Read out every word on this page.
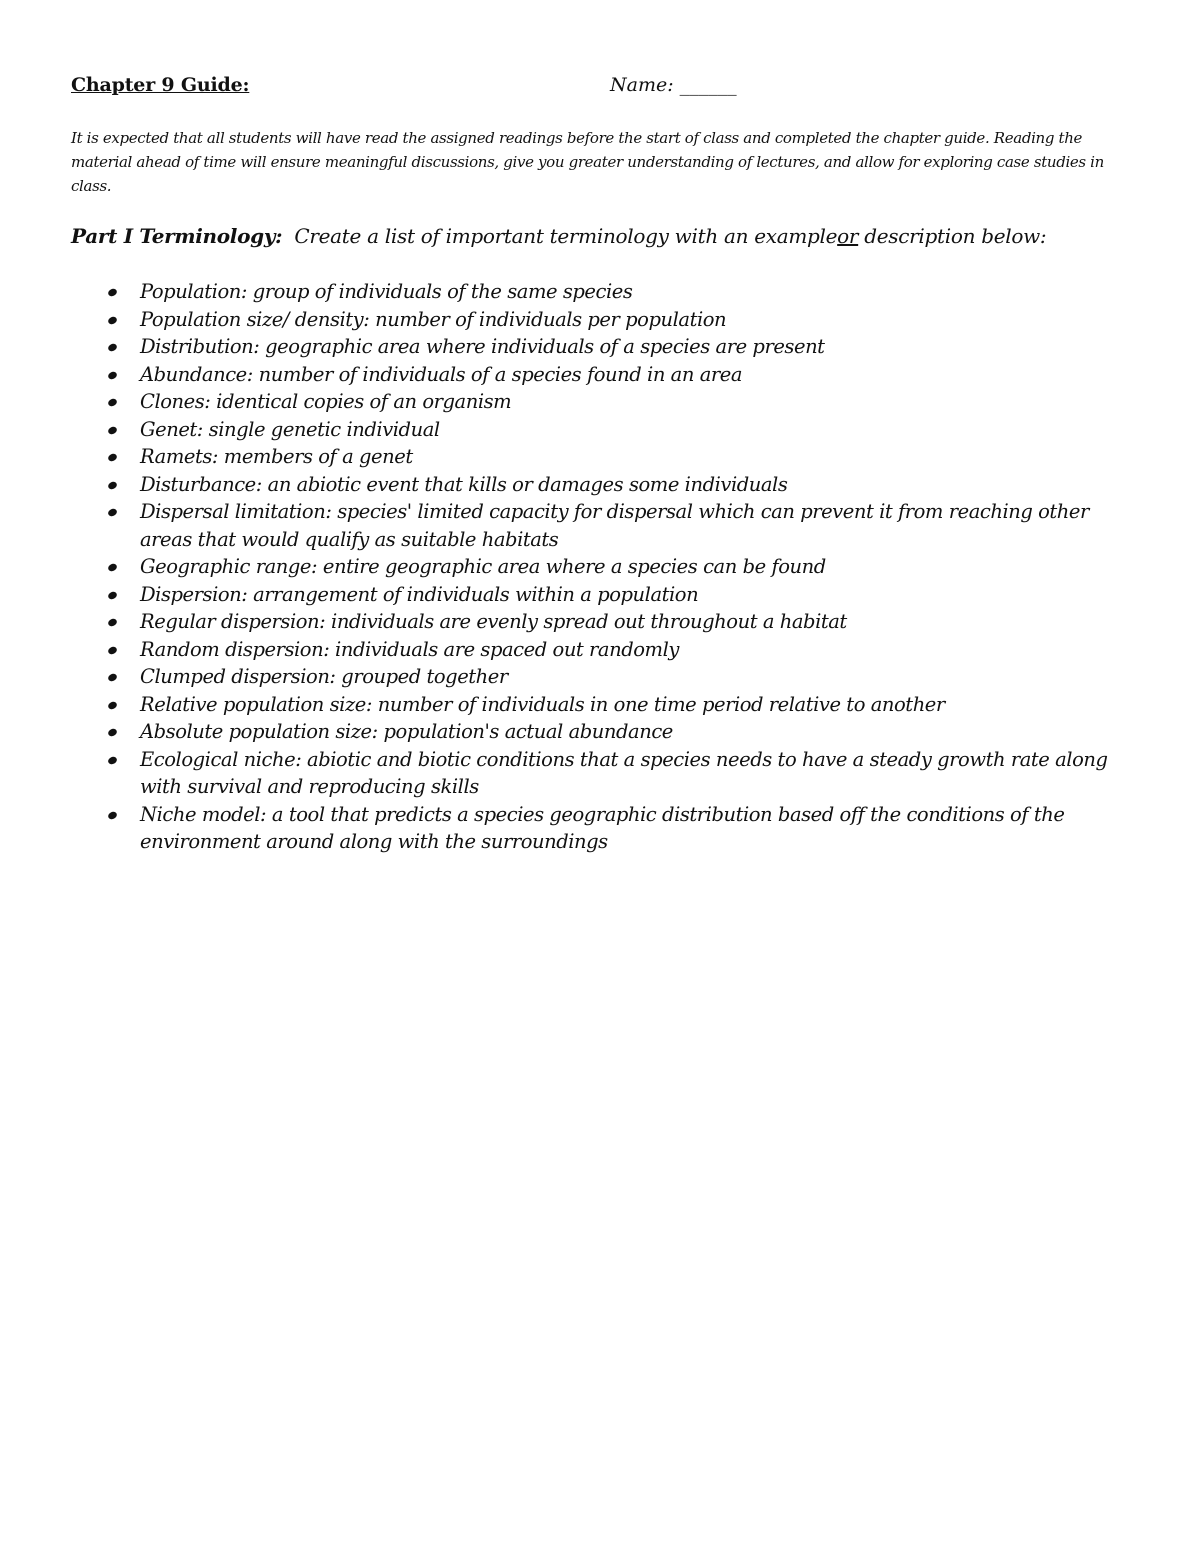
Chapter 9 Guide:	Name: ______
It is expected that all students will have read the assigned readings before the start of class and completed the chapter guide. Reading the material ahead of time will ensure meaningful discussions, give you greater understanding of lectures, and allow for exploring case studies in class.
Part I Terminology: Create a list of important terminology with an exampleor description below:
Population: group of individuals of the same species
Population size/ density: number of individuals per population
Distribution: geographic area where individuals of a species are present
Abundance: number of individuals of a species found in an area
Clones: identical copies of an organism
Genet: single genetic individual
Ramets: members of a genet
Disturbance: an abiotic event that kills or damages some individuals
Dispersal limitation: species' limited capacity for dispersal which can prevent it from reaching other areas that would qualify as suitable habitats
Geographic range: entire geographic area where a species can be found
Dispersion: arrangement of individuals within a population
Regular dispersion: individuals are evenly spread out throughout a habitat
Random dispersion: individuals are spaced out randomly
Clumped dispersion: grouped together
Relative population size: number of individuals in one time period relative to another
Absolute population size: population's actual abundance
Ecological niche: abiotic and biotic conditions that a species needs to have a steady growth rate along with survival and reproducing skills
Niche model: a tool that predicts a species geographic distribution based off the conditions of the environment around along with the surroundings
